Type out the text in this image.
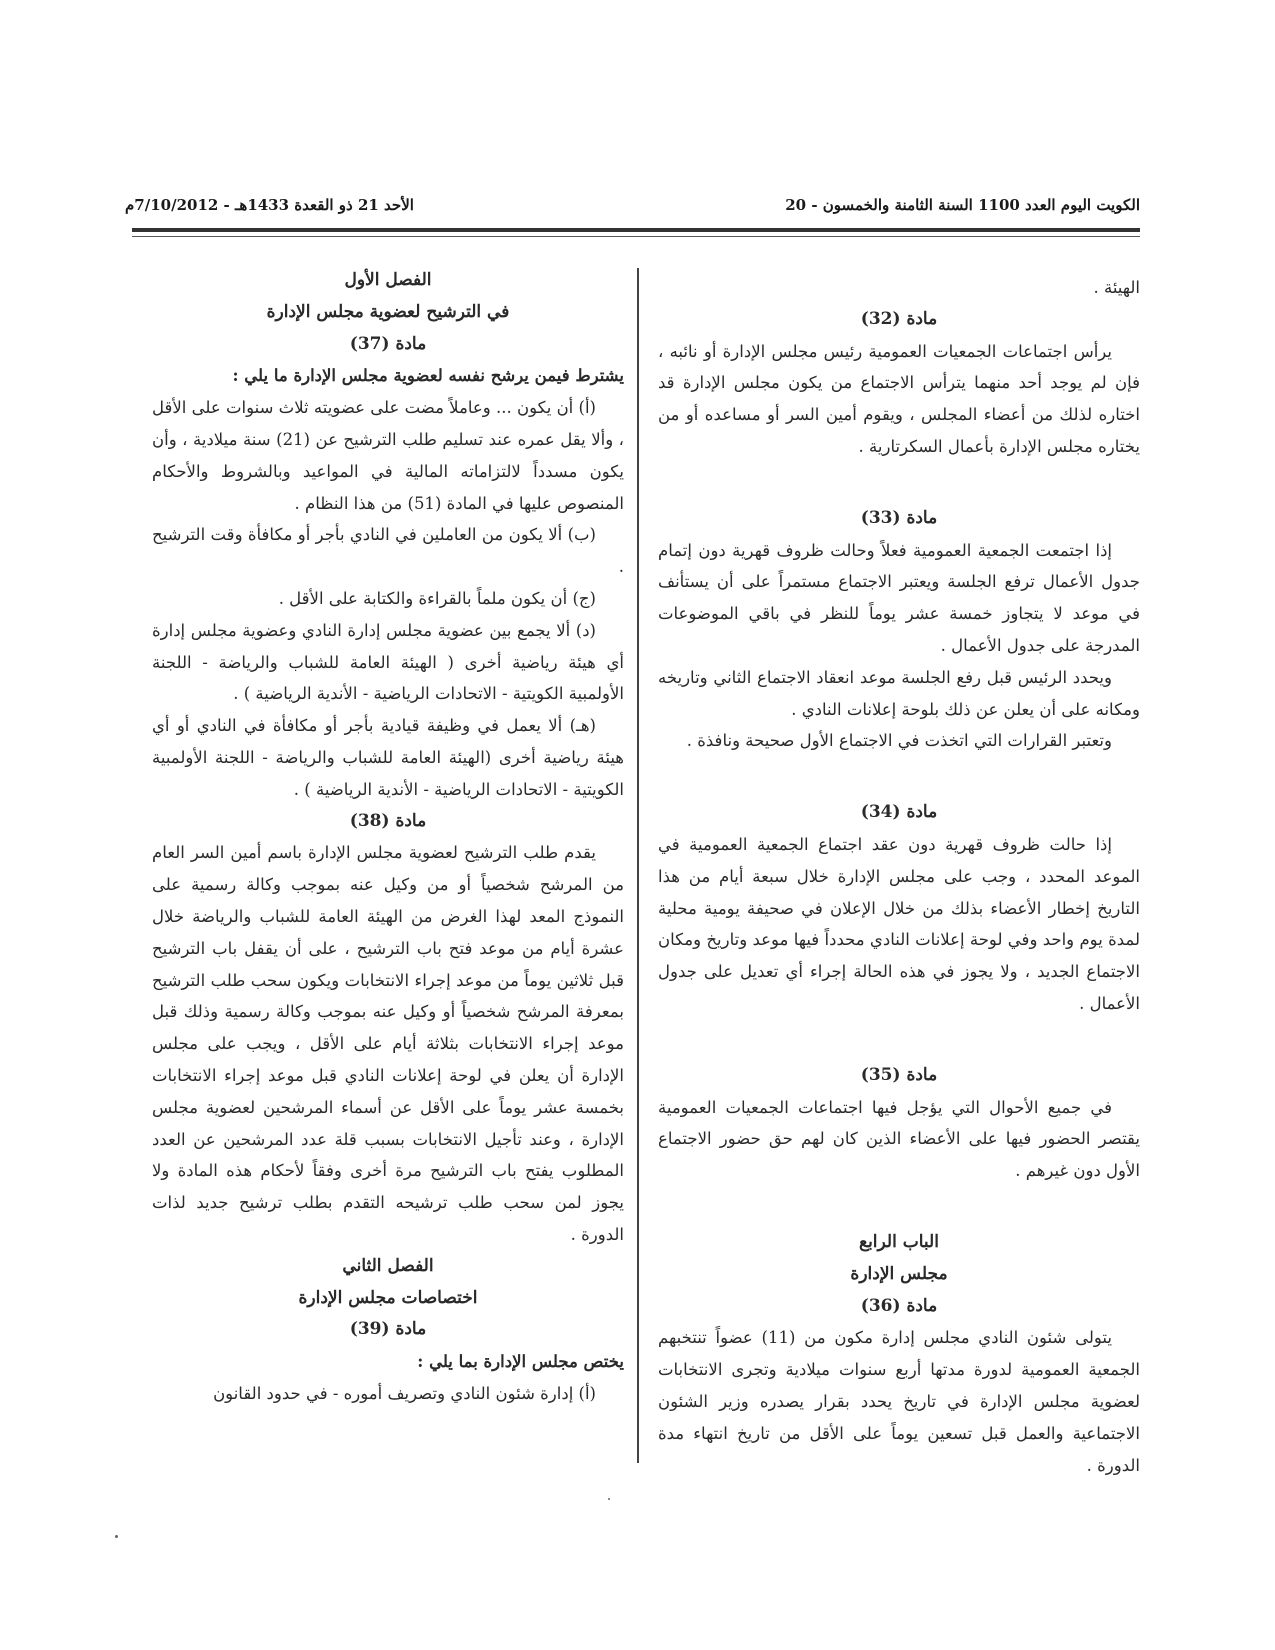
الأحد 21 ذو القعدة 1433هـ - 7/10/2012م	الكويت اليوم العدد 1100 السنة الثامنة والخمسون - 20

الهيئة .

مادة (32)

يرأس اجتماعات الجمعيات العمومية رئيس مجلس الإدارة أو نائبه ، فإن لم يوجد أحد منهما يترأس الاجتماع من يكون مجلس الإدارة قد اختاره لذلك من أعضاء المجلس ، ويقوم أمين السر أو مساعده أو من يختاره مجلس الإدارة بأعمال السكرتارية .

مادة (33)

إذا اجتمعت الجمعية العمومية فعلاً وحالت ظروف قهرية دون إتمام جدول الأعمال ترفع الجلسة ويعتبر الاجتماع مستمراً على أن يستأنف في موعد لا يتجاوز خمسة عشر يوماً للنظر في باقي الموضوعات المدرجة على جدول الأعمال .

ويحدد الرئيس قبل رفع الجلسة موعد انعقاد الاجتماع الثاني وتاريخه ومكانه على أن يعلن عن ذلك بلوحة إعلانات النادي .

وتعتبر القرارات التي اتخذت في الاجتماع الأول صحيحة ونافذة .

مادة (34)

إذا حالت ظروف قهرية دون عقد اجتماع الجمعية العمومية في الموعد المحدد ، وجب على مجلس الإدارة خلال سبعة أيام من هذا التاريخ إخطار الأعضاء بذلك من خلال الإعلان في صحيفة يومية محلية لمدة يوم واحد وفي لوحة إعلانات النادي محدداً فيها موعد وتاريخ ومكان الاجتماع الجديد ، ولا يجوز في هذه الحالة إجراء أي تعديل على جدول الأعمال .

مادة (35)

في جميع الأحوال التي يؤجل فيها اجتماعات الجمعيات العمومية يقتصر الحضور فيها على الأعضاء الذين كان لهم حق حضور الاجتماع الأول دون غيرهم .

الباب الرابع

مجلس الإدارة

مادة (36)

يتولى شئون النادي مجلس إدارة مكون من (11) عضواً تنتخبهم الجمعية العمومية لدورة مدتها أربع سنوات ميلادية وتجرى الانتخابات لعضوية مجلس الإدارة في تاريخ يحدد بقرار يصدره وزير الشئون الاجتماعية والعمل قبل تسعين يوماً على الأقل من تاريخ انتهاء مدة الدورة .

الفصل الأول

في الترشيح لعضوية مجلس الإدارة

مادة (37)

يشترط فيمن يرشح نفسه لعضوية مجلس الإدارة ما يلي :

(أ) أن يكون ... وعاملاً مضت على عضويته ثلاث سنوات على الأقل ، وألا يقل عمره عند تسليم طلب الترشيح عن (21) سنة ميلادية ، وأن يكون مسدداً لالتزاماته المالية في المواعيد وبالشروط والأحكام المنصوص عليها في المادة (51) من هذا النظام .

(ب) ألا يكون من العاملين في النادي بأجر أو مكافأة وقت الترشيح .

(ج) أن يكون ملماً بالقراءة والكتابة على الأقل .

(د) ألا يجمع بين عضوية مجلس إدارة النادي وعضوية مجلس إدارة أي هيئة رياضية أخرى ( الهيئة العامة للشباب والرياضة - اللجنة الأولمبية الكويتية - الاتحادات الرياضية - الأندية الرياضية ) .

(هـ) ألا يعمل في وظيفة قيادية بأجر أو مكافأة في النادي أو أي هيئة رياضية أخرى (الهيئة العامة للشباب والرياضة - اللجنة الأولمبية الكويتية - الاتحادات الرياضية - الأندية الرياضية ) .

مادة (38)

يقدم طلب الترشيح لعضوية مجلس الإدارة باسم أمين السر العام من المرشح شخصياً أو من وكيل عنه بموجب وكالة رسمية على النموذج المعد لهذا الغرض من الهيئة العامة للشباب والرياضة خلال عشرة أيام من موعد فتح باب الترشيح ، على أن يقفل باب الترشيح قبل ثلاثين يوماً من موعد إجراء الانتخابات ويكون سحب طلب الترشيح بمعرفة المرشح شخصياً أو وكيل عنه بموجب وكالة رسمية وذلك قبل موعد إجراء الانتخابات بثلاثة أيام على الأقل ، ويجب على مجلس الإدارة أن يعلن في لوحة إعلانات النادي قبل موعد إجراء الانتخابات بخمسة عشر يوماً على الأقل عن أسماء المرشحين لعضوية مجلس الإدارة ، وعند تأجيل الانتخابات بسبب قلة عدد المرشحين عن العدد المطلوب يفتح باب الترشيح مرة أخرى وفقاً لأحكام هذه المادة ولا يجوز لمن سحب طلب ترشيحه التقدم بطلب ترشيح جديد لذات الدورة .

الفصل الثاني

اختصاصات مجلس الإدارة

مادة (39)

يختص مجلس الإدارة بما يلي :

(أ) إدارة شئون النادي وتصريف أموره - في حدود القانون
